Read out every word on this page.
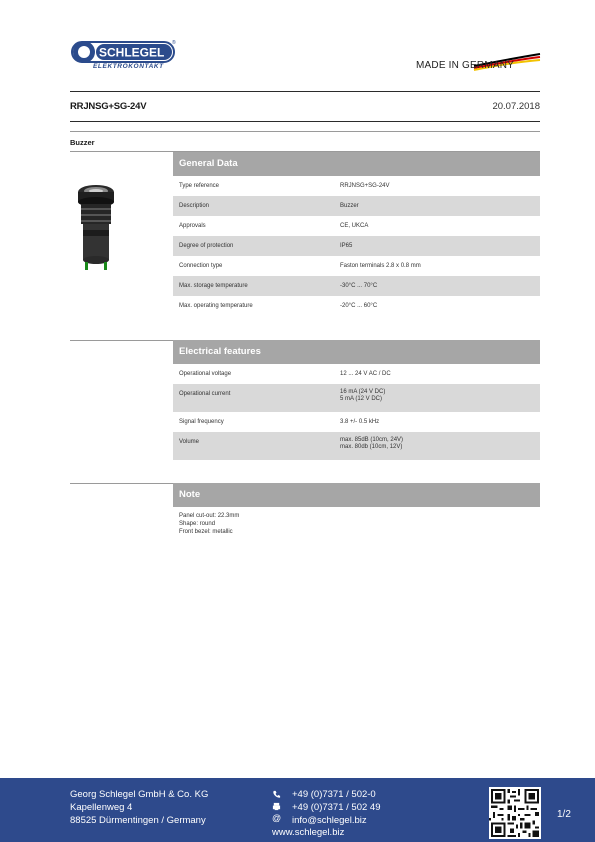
SCHLEGEL
®
ELEKTROKONTAKT	MADE IN GERMANY
RRJNSG+SG-24V	20.07.2018
Buzzer
General Data
Type reference	RRJNSG+SG-24V
Description	Buzzer
Approvals	CE, UKCA
Degree of protection	IP65
Connection type	Faston terminals 2.8 x 0.8 mm
Max. storage temperature	-30°C ... 70°C
Max. operating temperature	-20°C ... 60°C
Electrical features
Operational voltage	12 ... 24 V AC / DC
Operational current	16 mA (24 V DC)
5 mA (12 V DC)
Signal frequency	3.8 +/- 0.5 kHz
Volume	max. 85dB (10cm, 24V)
max. 80db (10cm, 12V)
Note
Panel cut-out: 22.3mm
Shape: round
Front bezel: metallic
Georg Schlegel GmbH & Co. KG
Kapellenweg 4
88525 Dürmentingen / Germany	@
+49 (0)7371 / 502-0
+49 (0)7371 / 502 49
info@schlegel.biz
www.schlegel.biz
1/2
